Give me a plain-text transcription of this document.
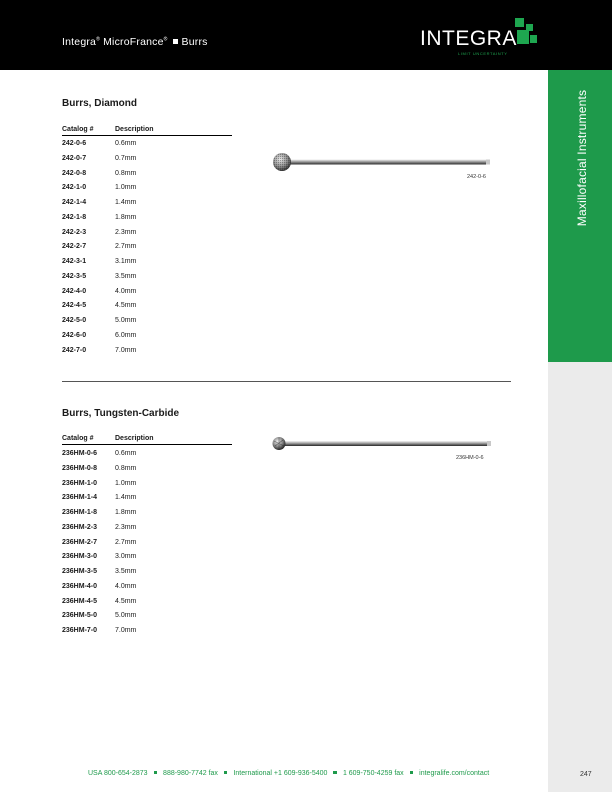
Integra® MicroFrance® Burrs	INTEGRA
LIMIT UNCERTAINTY
Maxillofacial Instruments
Burrs, Diamond
Catalog #	Description
242-0-6	0.6mm
242-0-7	0.7mm
242-0-8	0.8mm
242-1-0	1.0mm
242-1-4	1.4mm
242-1-8	1.8mm
242-2-3	2.3mm
242-2-7	2.7mm
242-3-1	3.1mm
242-3-5	3.5mm
242-4-0	4.0mm
242-4-5	4.5mm
242-5-0	5.0mm
242-6-0	6.0mm
242-7-0	7.0mm
242-0-6
Burrs, Tungsten-Carbide
Catalog #	Description
236HM-0-6	0.6mm
236HM-0-8	0.8mm
236HM-1-0	1.0mm
236HM-1-4	1.4mm
236HM-1-8	1.8mm
236HM-2-3	2.3mm
236HM-2-7	2.7mm
236HM-3-0	3.0mm
236HM-3-5	3.5mm
236HM-4-0	4.0mm
236HM-4-5	4.5mm
236HM-5-0	5.0mm
236HM-7-0	7.0mm
236HM-0-6
USA 800-654-2873 888-980-7742 fax International +1 609-936-5400 1 609-750-4259 fax integralife.com/contact	247
